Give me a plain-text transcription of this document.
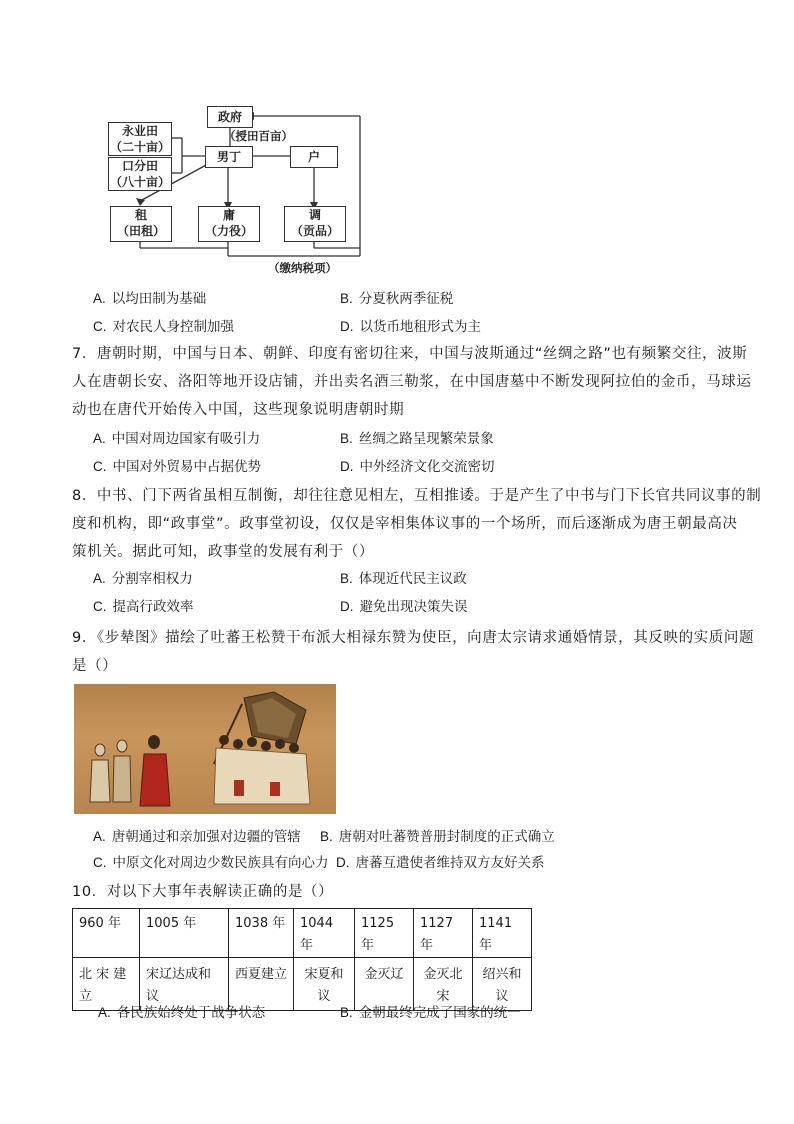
政府
（授田百亩）
永业田
（二十亩）
口分田
（八十亩）
男丁	户
租
（田租）
庸
（力役）
调
（贡品）
（缴纳税项）
A. 以均田制为基础	B. 分夏秋两季征税
C. 对农民人身控制加强	D. 以货币地租形式为主
7．唐朝时期，中国与日本、朝鲜、印度有密切往来，中国与波斯通过“丝绸之路”也有频繁交往，波斯
人在唐朝长安、洛阳等地开设店铺，并出卖名酒三勒浆，在中国唐墓中不断发现阿拉伯的金币，马球运
动也在唐代开始传入中国，这些现象说明唐朝时期
A. 中国对周边国家有吸引力	B. 丝绸之路呈现繁荣景象
C. 中国对外贸易中占据优势	D. 中外经济文化交流密切
8．中书、门下两省虽相互制衡，却往往意见相左，互相推诿。于是产生了中书与门下长官共同议事的制
度和机构，即“政事堂”。政事堂初设，仅仅是宰相集体议事的一个场所，而后逐渐成为唐王朝最高决
策机关。据此可知，政事堂的发展有利于（）
A. 分割宰相权力	B. 体现近代民主议政
C. 提高行政效率	D. 避免出现决策失误
9．《步辇图》描绘了吐蕃王松赞干布派大相禄东赞为使臣，向唐太宗请求通婚情景，其反映的实质问题
是（）
A. 唐朝通过和亲加强对边疆的管辖 B. 唐朝对吐蕃赞普册封制度的正式确立
C. 中原文化对周边少数民族具有向心力 D. 唐蕃互遣使者维持双方友好关系
10．对以下大事年表解读正确的是（）
960 年	1005 年	1038 年	1044 年	1125 年	1127 年	1141 年
北 宋 建立	宋辽达成和议	西夏建立	宋夏和议	金灭辽	金灭北宋	绍兴和议
A. 各民族始终处于战争状态	B. 金朝最终完成了国家的统一
